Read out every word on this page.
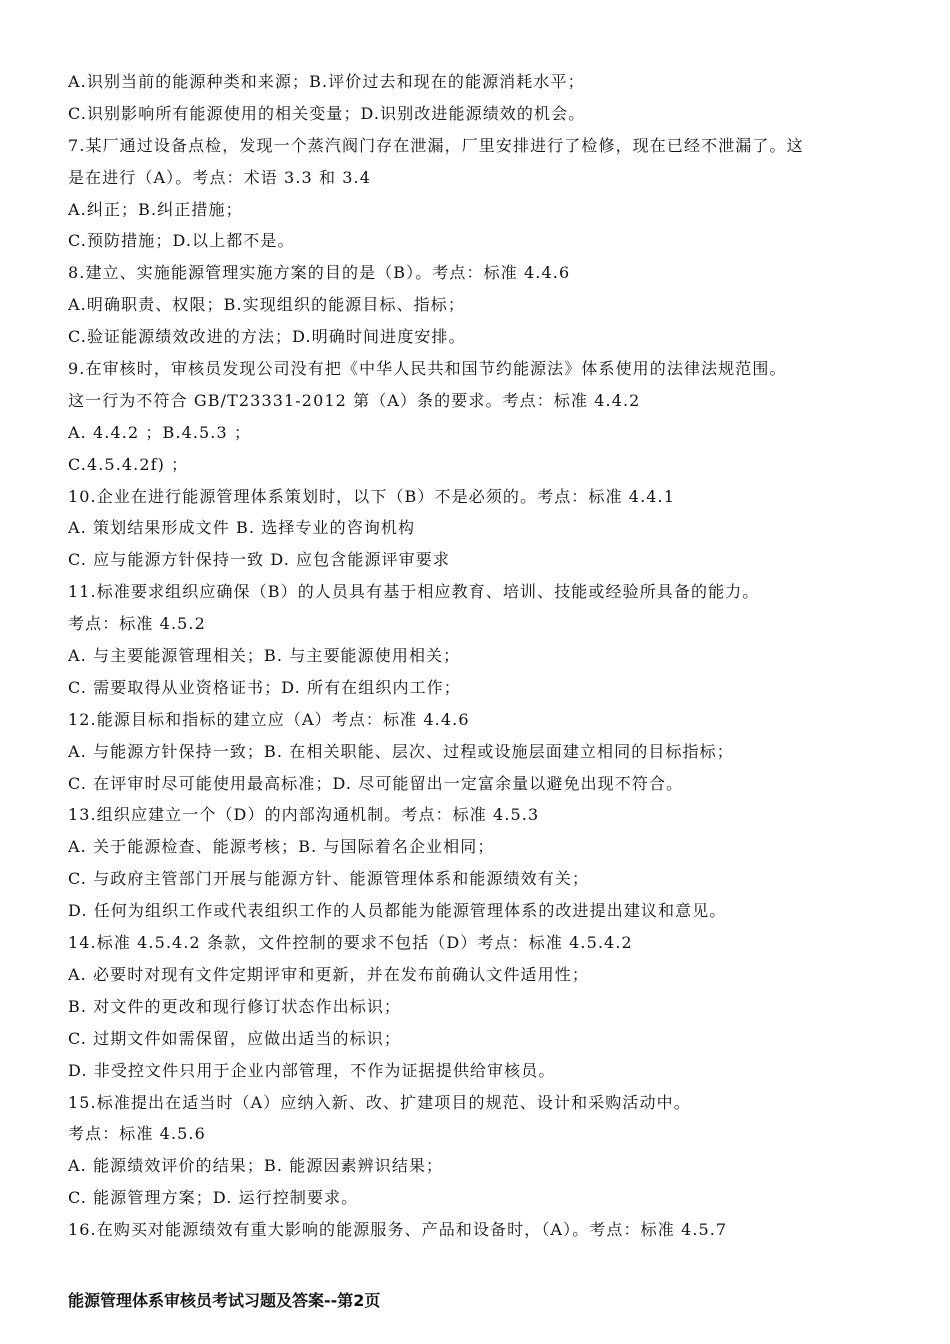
A.识别当前的能源种类和来源；B.评价过去和现在的能源消耗水平；
C.识别影响所有能源使用的相关变量；D.识别改进能源绩效的机会。
7.某厂通过设备点检，发现一个蒸汽阀门存在泄漏，厂里安排进行了检修，现在已经不泄漏了。这
是在进行（A）。考点：术语 3.3 和 3.4
A.纠正；B.纠正措施；
C.预防措施；D.以上都不是。
8.建立、实施能源管理实施方案的目的是（B）。考点：标准 4.4.6
A.明确职责、权限；B.实现组织的能源目标、指标；
C.验证能源绩效改进的方法；D.明确时间进度安排。
9.在审核时，审核员发现公司没有把《中华人民共和国节约能源法》体系使用的法律法规范围。
这一行为不符合 GB/T23331-2012 第（A）条的要求。考点：标准 4.4.2
A. 4.4.2 ；B.4.5.3 ；
C.4.5.4.2f) ；
10.企业在进行能源管理体系策划时，以下（B）不是必须的。考点：标准 4.4.1
A. 策划结果形成文件 B. 选择专业的咨询机构
C. 应与能源方针保持一致 D. 应包含能源评审要求
11.标准要求组织应确保（B）的人员具有基于相应教育、培训、技能或经验所具备的能力。
考点：标准 4.5.2
A. 与主要能源管理相关；B. 与主要能源使用相关；
C. 需要取得从业资格证书；D. 所有在组织内工作；
12.能源目标和指标的建立应（A）考点：标准 4.4.6
A. 与能源方针保持一致；B. 在相关职能、层次、过程或设施层面建立相同的目标指标；
C. 在评审时尽可能使用最高标准；D. 尽可能留出一定富余量以避免出现不符合。
13.组织应建立一个（D）的内部沟通机制。考点：标准 4.5.3
A. 关于能源检查、能源考核；B. 与国际着名企业相同；
C. 与政府主管部门开展与能源方针、能源管理体系和能源绩效有关；
D. 任何为组织工作或代表组织工作的人员都能为能源管理体系的改进提出建议和意见。
14.标准 4.5.4.2 条款，文件控制的要求不包括（D）考点：标准 4.5.4.2
A. 必要时对现有文件定期评审和更新，并在发布前确认文件适用性；
B. 对文件的更改和现行修订状态作出标识；
C. 过期文件如需保留，应做出适当的标识；
D. 非受控文件只用于企业内部管理，不作为证据提供给审核员。
15.标准提出在适当时（A）应纳入新、改、扩建项目的规范、设计和采购活动中。
考点：标准 4.5.6
A. 能源绩效评价的结果；B. 能源因素辨识结果；
C. 能源管理方案；D. 运行控制要求。
16.在购买对能源绩效有重大影响的能源服务、产品和设备时，（A）。考点：标准 4.5.7
能源管理体系审核员考试习题及答案--第2页
